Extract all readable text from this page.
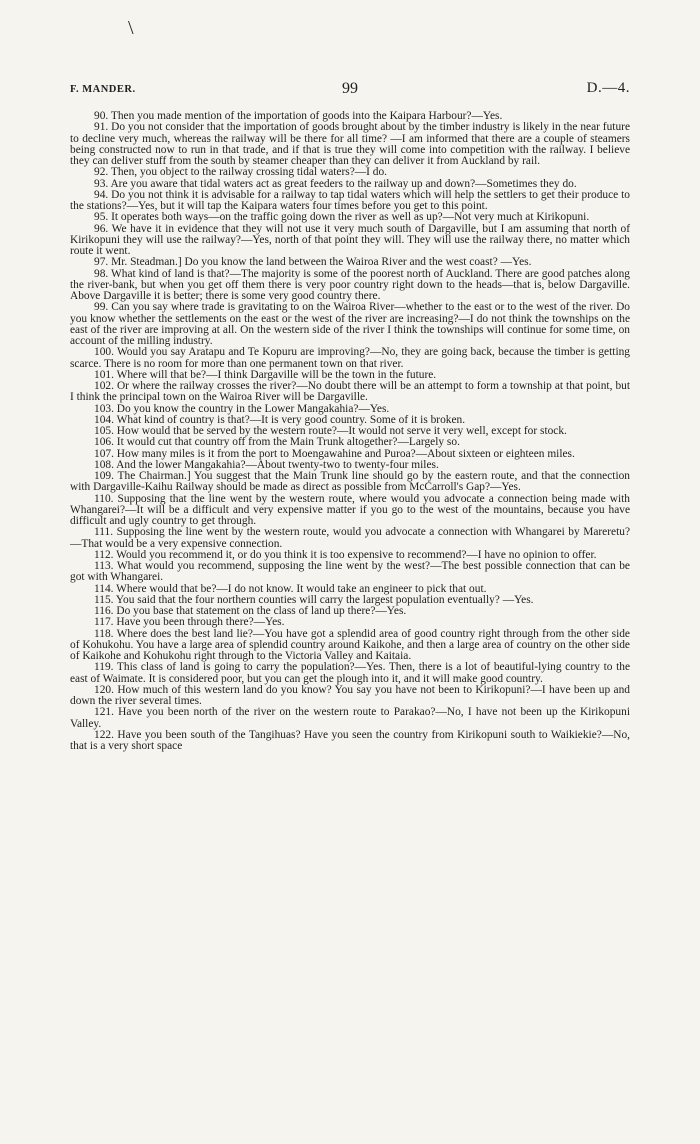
\
F. MANDER.	99	D.—4.

90. Then you made mention of the importation of goods into the Kaipara Harbour?—Yes.

91. Do you not consider that the importation of goods brought about by the timber industry is likely in the near future to decline very much, whereas the railway will be there for all time? —I am informed that there are a couple of steamers being constructed now to run in that trade, and if that is true they will come into competition with the railway. I believe they can deliver stuff from the south by steamer cheaper than they can deliver it from Auckland by rail.

92. Then, you object to the railway crossing tidal waters?—I do.

93. Are you aware that tidal waters act as great feeders to the railway up and down?—Sometimes they do.

94. Do you not think it is advisable for a railway to tap tidal waters which will help the settlers to get their produce to the stations?—Yes, but it will tap the Kaipara waters four times before you get to this point.

95. It operates both ways—on the traffic going down the river as well as up?—Not very much at Kirikopuni.

96. We have it in evidence that they will not use it very much south of Dargaville, but I am assuming that north of Kirikopuni they will use the railway?—Yes, north of that point they will. They will use the railway there, no matter which route it went.

97. Mr. Steadman.] Do you know the land between the Wairoa River and the west coast? —Yes.

98. What kind of land is that?—The majority is some of the poorest north of Auckland. There are good patches along the river-bank, but when you get off them there is very poor country right down to the heads—that is, below Dargaville. Above Dargaville it is better; there is some very good country there.

99. Can you say where trade is gravitating to on the Wairoa River—whether to the east or to the west of the river. Do you know whether the settlements on the east or the west of the river are increasing?—I do not think the townships on the east of the river are improving at all. On the western side of the river I think the townships will continue for some time, on account of the milling industry.

100. Would you say Aratapu and Te Kopuru are improving?—No, they are going back, because the timber is getting scarce. There is no room for more than one permanent town on that river.

101. Where will that be?—I think Dargaville will be the town in the future.

102. Or where the railway crosses the river?—No doubt there will be an attempt to form a township at that point, but I think the principal town on the Wairoa River will be Dargaville.

103. Do you know the country in the Lower Mangakahia?—Yes.

104. What kind of country is that?—It is very good country. Some of it is broken.

105. How would that be served by the western route?—It would not serve it very well, except for stock.

106. It would cut that country off from the Main Trunk altogether?—Largely so.

107. How many miles is it from the port to Moengawahine and Puroa?—About sixteen or eighteen miles.

108. And the lower Mangakahia?—About twenty-two to twenty-four miles.

109. The Chairman.] You suggest that the Main Trunk line should go by the eastern route, and that the connection with Dargaville-Kaihu Railway should be made as direct as possible from McCarroll's Gap?—Yes.

110. Supposing that the line went by the western route, where would you advocate a connection being made with Whangarei?—It will be a difficult and very expensive matter if you go to the west of the mountains, because you have difficult and ugly country to get through.

111. Supposing the line went by the western route, would you advocate a connection with Whangarei by Mareretu?—That would be a very expensive connection.

112. Would you recommend it, or do you think it is too expensive to recommend?—I have no opinion to offer.

113. What would you recommend, supposing the line went by the west?—The best possible connection that can be got with Whangarei.

114. Where would that be?—I do not know. It would take an engineer to pick that out.

115. You said that the four northern counties will carry the largest population eventually? —Yes.

116. Do you base that statement on the class of land up there?—Yes.

117. Have you been through there?—Yes.

118. Where does the best land lie?—You have got a splendid area of good country right through from the other side of Kohukohu. You have a large area of splendid country around Kaikohe, and then a large area of country on the other side of Kaikohe and Kohukohu right through to the Victoria Valley and Kaitaia.

119. This class of land is going to carry the population?—Yes. Then, there is a lot of beautiful-lying country to the east of Waimate. It is considered poor, but you can get the plough into it, and it will make good country.

120. How much of this western land do you know? You say you have not been to Kirikopuni?—I have been up and down the river several times.

121. Have you been north of the river on the western route to Parakao?—No, I have not been up the Kirikopuni Valley.

122. Have you been south of the Tangihuas? Have you seen the country from Kirikopuni south to Waikiekie?—No, that is a very short space
